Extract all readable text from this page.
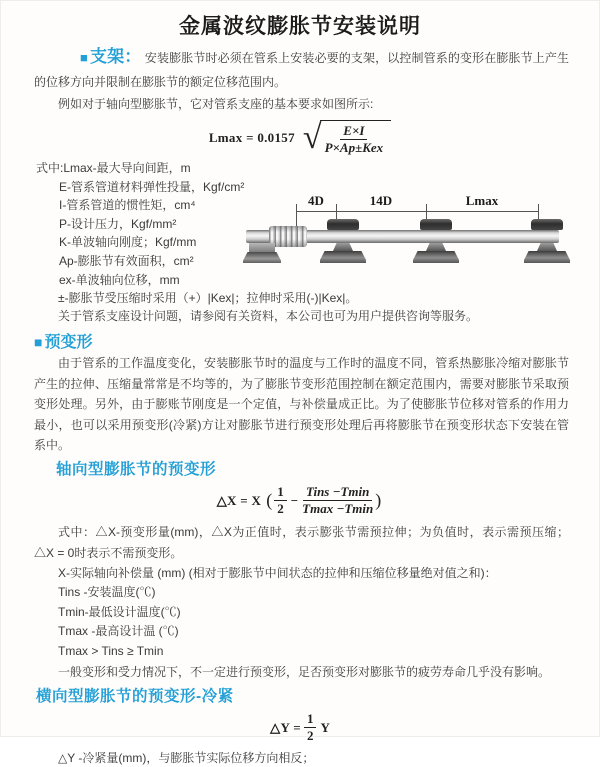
金属波纹膨胀节安装说明

■ 支架： 安装膨胀节时必须在管系上安装必要的支架，以控制管系的变形在膨胀节上产生的位移方向并限制在膨胀节的额定位移范围内。

例如对于轴向型膨胀节，它对管系支座的基本要求如图所示:

Lmax = 0.0157 √ $\frac{E\times I}{\text{P×Ap±Kex}}$
式中:Lmax-最大导向间距，m
E-管系管道材料弹性投量，Kgf/cm²
I-管系管道的惯性矩，cm⁴
P-设计压力，Kgf/mm²
K-单波轴向刚度；Kgf/mm
Ap-膨胀节有效面积，cm²
ex-单波轴向位移，mm
±-膨胀节受压缩时采用（+）|Kex|；拉伸时采用(-)|Kex|。
关于管系支座设计问题，请参阅有关资料，本公司也可为用户提供咨询等服务。
4D	14D	Lmax
■ 预变形

由于管系的工作温度变化，安装膨胀节时的温度与工作时的温度不同，管系热膨胀冷缩对膨胀节产生的拉伸、压缩量常常是不均等的，为了膨胀节变形范围控制在额定范围内，需要对膨胀节采取预变形处理。另外，由于膨账节刚度是一个定值，与补偿量成正比。为了使膨胀节位移对管系的作用力最小，也可以采用预变形(冷紧)方让对膨胀节进行预变形处理后再将膨胀节在预变形状态下安装在管系中。

轴向型膨胀节的预变形
△X = X ( $\frac{1}{2} - \frac{\text{Tins −Tmin}}{Tmax -Tmin}$ )

式中：△X-预变形量(mm)，△X为正值时，表示膨张节需预拉伸；为负值时，表示需预压缩；△X = 0时表示不需预变形。

X-实际轴向补偿量 (mm) (相对于膨胀节中间状态的拉伸和压缩位移量绝对值之和)：
Tins -安装温度(℃)
Tmin-最低设计温度(℃)
Tmax -最高设计温 (℃)
Tmax > Tins ≥ Tmin

一般变形和受力情况下，不一定进行预变形，足否预变形对膨胀节的疲劳寿命几乎没有影响。

横向型膨胀节的预变形-冷紧
△Y = $\frac{1}{2}$ Y
△Y -冷紧量(mm)，与膨胀节实际位移方向相反；
